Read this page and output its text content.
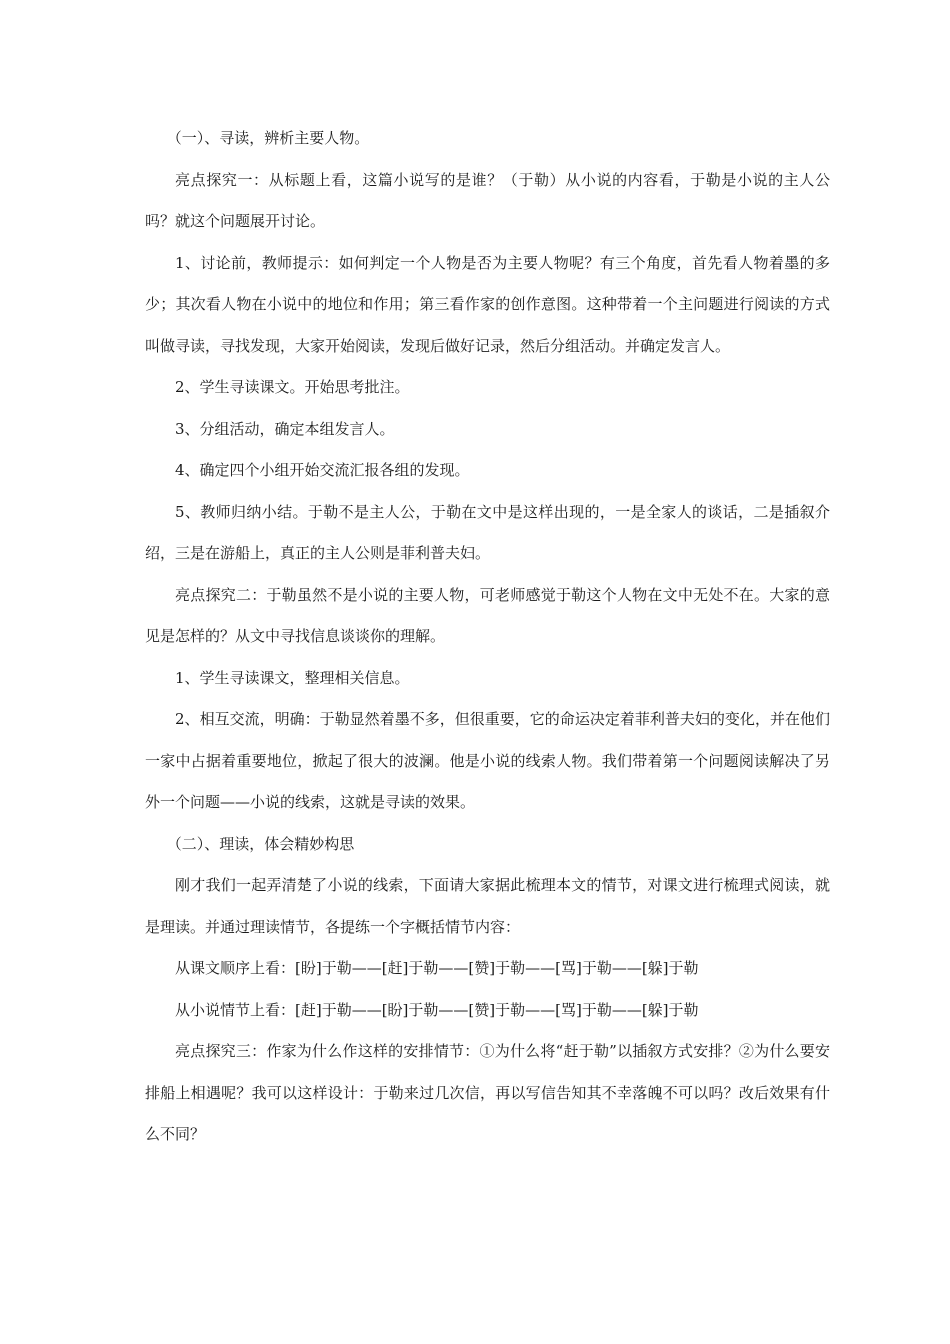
（一）、寻读，辨析主要人物。

亮点探究一：从标题上看，这篇小说写的是谁？（于勒）从小说的内容看，于勒是小说的主人公吗？就这个问题展开讨论。

1、讨论前，教师提示：如何判定一个人物是否为主要人物呢？有三个角度，首先看人物着墨的多少；其次看人物在小说中的地位和作用；第三看作家的创作意图。这种带着一个主问题进行阅读的方式叫做寻读，寻找发现，大家开始阅读，发现后做好记录，然后分组活动。并确定发言人。

2、学生寻读课文。开始思考批注。

3、分组活动，确定本组发言人。

4、确定四个小组开始交流汇报各组的发现。

5、教师归纳小结。于勒不是主人公，于勒在文中是这样出现的，一是全家人的谈话，二是插叙介绍，三是在游船上，真正的主人公则是菲利普夫妇。

亮点探究二：于勒虽然不是小说的主要人物，可老师感觉于勒这个人物在文中无处不在。大家的意见是怎样的？从文中寻找信息谈谈你的理解。

1、学生寻读课文，整理相关信息。

2、相互交流，明确：于勒显然着墨不多，但很重要，它的命运决定着菲利普夫妇的变化，并在他们一家中占据着重要地位，掀起了很大的波澜。他是小说的线索人物。我们带着第一个问题阅读解决了另外一个问题——小说的线索，这就是寻读的效果。

（二）、理读，体会精妙构思

刚才我们一起弄清楚了小说的线索，下面请大家据此梳理本文的情节，对课文进行梳理式阅读，就是理读。并通过理读情节，各提练一个字概括情节内容：

从课文顺序上看：[盼]于勒——[赶]于勒——[赞]于勒——[骂]于勒——[躲]于勒

从小说情节上看：[赶]于勒——[盼]于勒——[赞]于勒——[骂]于勒——[躲]于勒

亮点探究三：作家为什么作这样的安排情节：①为什么将“赶于勒”以插叙方式安排？②为什么要安排船上相遇呢？我可以这样设计：于勒来过几次信，再以写信告知其不幸落魄不可以吗？改后效果有什么不同？
